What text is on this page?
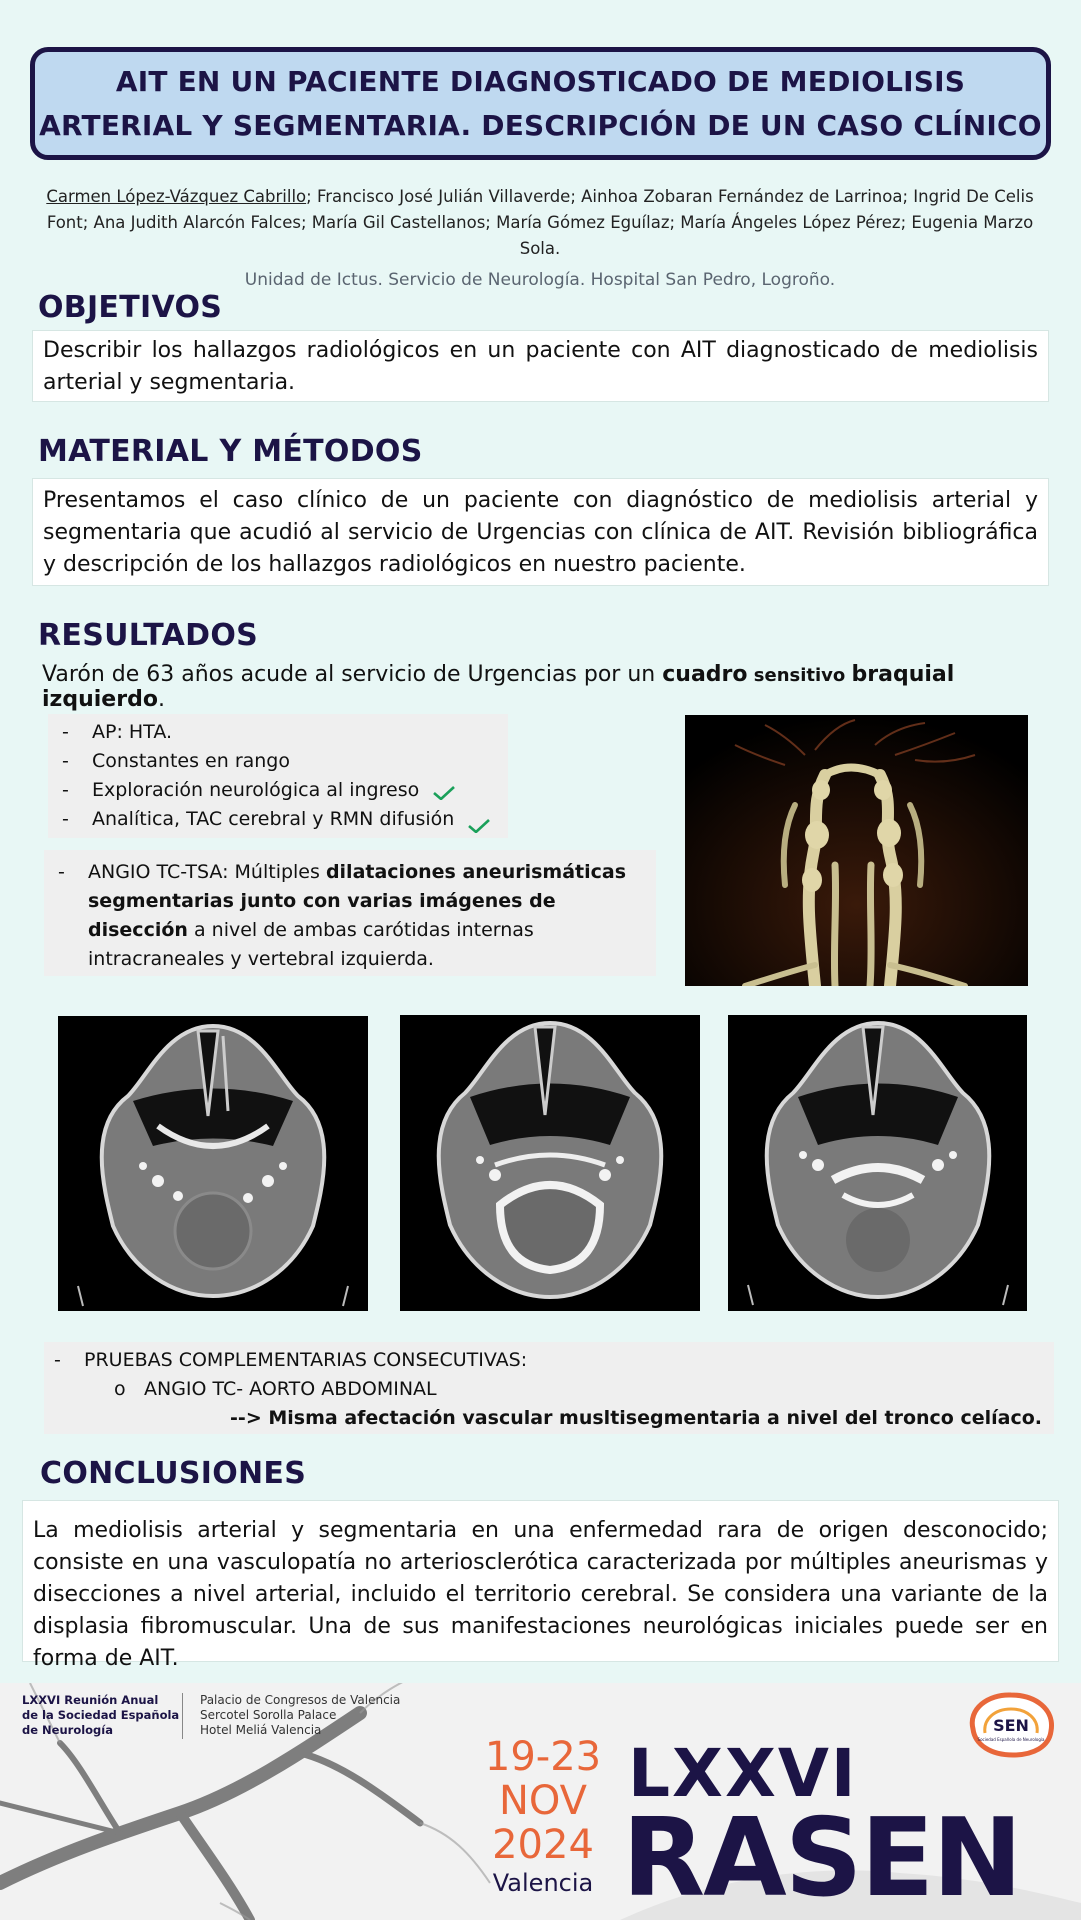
AIT EN UN PACIENTE DIAGNOSTICADO DE MEDIOLISIS
ARTERIAL Y SEGMENTARIA. DESCRIPCIÓN DE UN CASO CLÍNICO
Carmen López-Vázquez Cabrillo; Francisco José Julián Villaverde; Ainhoa Zobaran Fernández de Larrinoa; Ingrid De Celis Font; Ana Judith Alarcón Falces; María Gil Castellanos; María Gómez Eguílaz; María Ángeles López Pérez; Eugenia Marzo Sola.
Unidad de Ictus. Servicio de Neurología. Hospital San Pedro, Logroño.
OBJETIVOS
Describir los hallazgos radiológicos en un paciente con AIT diagnosticado de mediolisis arterial y segmentaria.
MATERIAL Y MÉTODOS
Presentamos el caso clínico de un paciente con diagnóstico de mediolisis arterial y segmentaria que acudió al servicio de Urgencias con clínica de AIT. Revisión bibliográfica y descripción de los hallazgos radiológicos en nuestro paciente.
RESULTADOS
Varón de 63 años acude al servicio de Urgencias por un cuadro sensitivo braquial izquierdo.
-	AP: HTA.
-	Constantes en rango
-	Exploración neurológica al ingreso
-	Analítica, TAC cerebral y RMN difusión
-	ANGIO TC-TSA: Múltiples dilataciones aneurismáticas segmentarias junto con varias imágenes de disección a nivel de ambas carótidas internas intracraneales y vertebral izquierda.
-	PRUEBAS COMPLEMENTARIAS CONSECUTIVAS:
o ANGIO TC- AORTO ABDOMINAL
--> Misma afectación vascular musltisegmentaria a nivel del tronco celíaco.
CONCLUSIONES
La mediolisis arterial y segmentaria en una enfermedad rara de origen desconocido; consiste en una vasculopatía no arteriosclerótica caracterizada por múltiples aneurismas y disecciones a nivel arterial, incluido el territorio cerebral. Se considera una variante de la displasia fibromuscular. Una de sus manifestaciones neurológicas iniciales puede ser en forma de AIT.
LXXVI Reunión Anual
de la Sociedad Española
de Neurología
Palacio de Congresos de Valencia
Sercotel Sorolla Palace
Hotel Meliá Valencia
19-23
NOV
2024
Valencia
LXXVI
RASEN
SEN
Sociedad Española de Neurología
